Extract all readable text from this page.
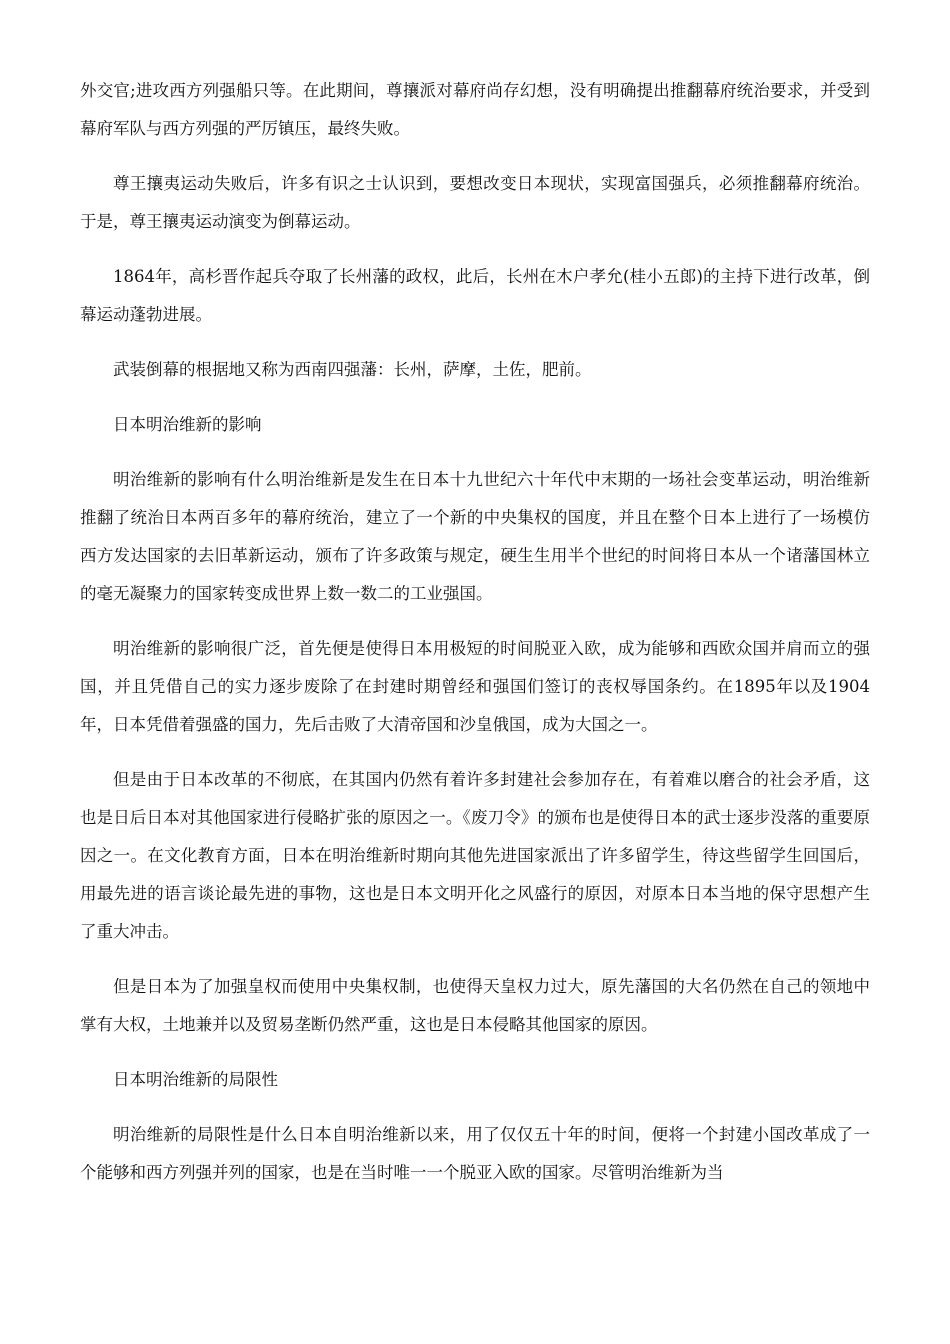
外交官;进攻西方列强船只等。在此期间，尊攘派对幕府尚存幻想，没有明确提出推翻幕府统治要求，并受到幕府军队与西方列强的严厉镇压，最终失败。

尊王攘夷运动失败后，许多有识之士认识到，要想改变日本现状，实现富国强兵，必须推翻幕府统治。于是，尊王攘夷运动演变为倒幕运动。

1864年，高杉晋作起兵夺取了长州藩的政权，此后，长州在木户孝允(桂小五郎)的主持下进行改革，倒幕运动蓬勃进展。

武装倒幕的根据地又称为西南四强藩：长州，萨摩，土佐，肥前。

日本明治维新的影响

明治维新的影响有什么明治维新是发生在日本十九世纪六十年代中末期的一场社会变革运动，明治维新推翻了统治日本两百多年的幕府统治，建立了一个新的中央集权的国度，并且在整个日本上进行了一场模仿西方发达国家的去旧革新运动，颁布了许多政策与规定，硬生生用半个世纪的时间将日本从一个诸藩国林立的毫无凝聚力的国家转变成世界上数一数二的工业强国。

明治维新的影响很广泛，首先便是使得日本用极短的时间脱亚入欧，成为能够和西欧众国并肩而立的强国，并且凭借自己的实力逐步废除了在封建时期曾经和强国们签订的丧权辱国条约。在1895年以及1904年，日本凭借着强盛的国力，先后击败了大清帝国和沙皇俄国，成为大国之一。

但是由于日本改革的不彻底，在其国内仍然有着许多封建社会参加存在，有着难以磨合的社会矛盾，这也是日后日本对其他国家进行侵略扩张的原因之一。《废刀令》的颁布也是使得日本的武士逐步没落的重要原因之一。在文化教育方面，日本在明治维新时期向其他先进国家派出了许多留学生，待这些留学生回国后，用最先进的语言谈论最先进的事物，这也是日本文明开化之风盛行的原因，对原本日本当地的保守思想产生了重大冲击。

但是日本为了加强皇权而使用中央集权制，也使得天皇权力过大，原先藩国的大名仍然在自己的领地中掌有大权，土地兼并以及贸易垄断仍然严重，这也是日本侵略其他国家的原因。

日本明治维新的局限性

明治维新的局限性是什么日本自明治维新以来，用了仅仅五十年的时间，便将一个封建小国改革成了一个能够和西方列强并列的国家，也是在当时唯一一个脱亚入欧的国家。尽管明治维新为当
